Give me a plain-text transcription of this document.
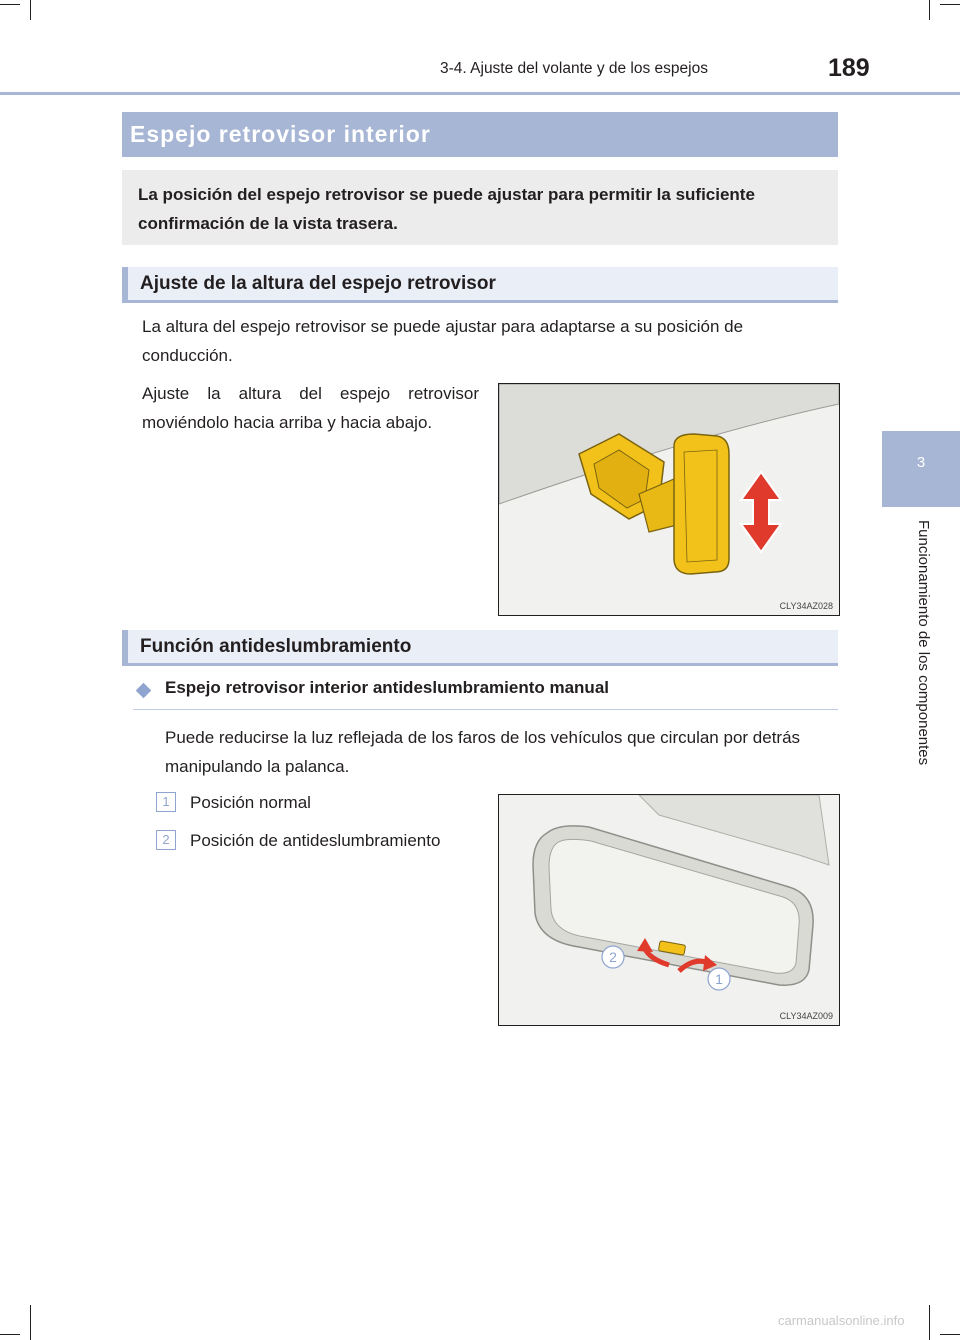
3-4. Ajuste del volante y de los espejos	189
3
Funcionamiento de los componentes
Espejo retrovisor interior
La posición del espejo retrovisor se puede ajustar para permitir la suficiente confirmación de la vista trasera.
Ajuste de la altura del espejo retrovisor
La altura del espejo retrovisor se puede ajustar para adaptarse a su posición de conducción.
Ajuste la altura del espejo retrovisor moviéndolo hacia arriba y hacia abajo.
CLY34AZ028
Función antideslumbramiento
Espejo retrovisor interior antideslumbramiento manual
Puede reducirse la luz reflejada de los faros de los vehículos que circulan por detrás manipulando la palanca.
1	Posición normal
2	Posición de antideslumbramiento
2
1
CLY34AZ009
carmanualsonline.info
